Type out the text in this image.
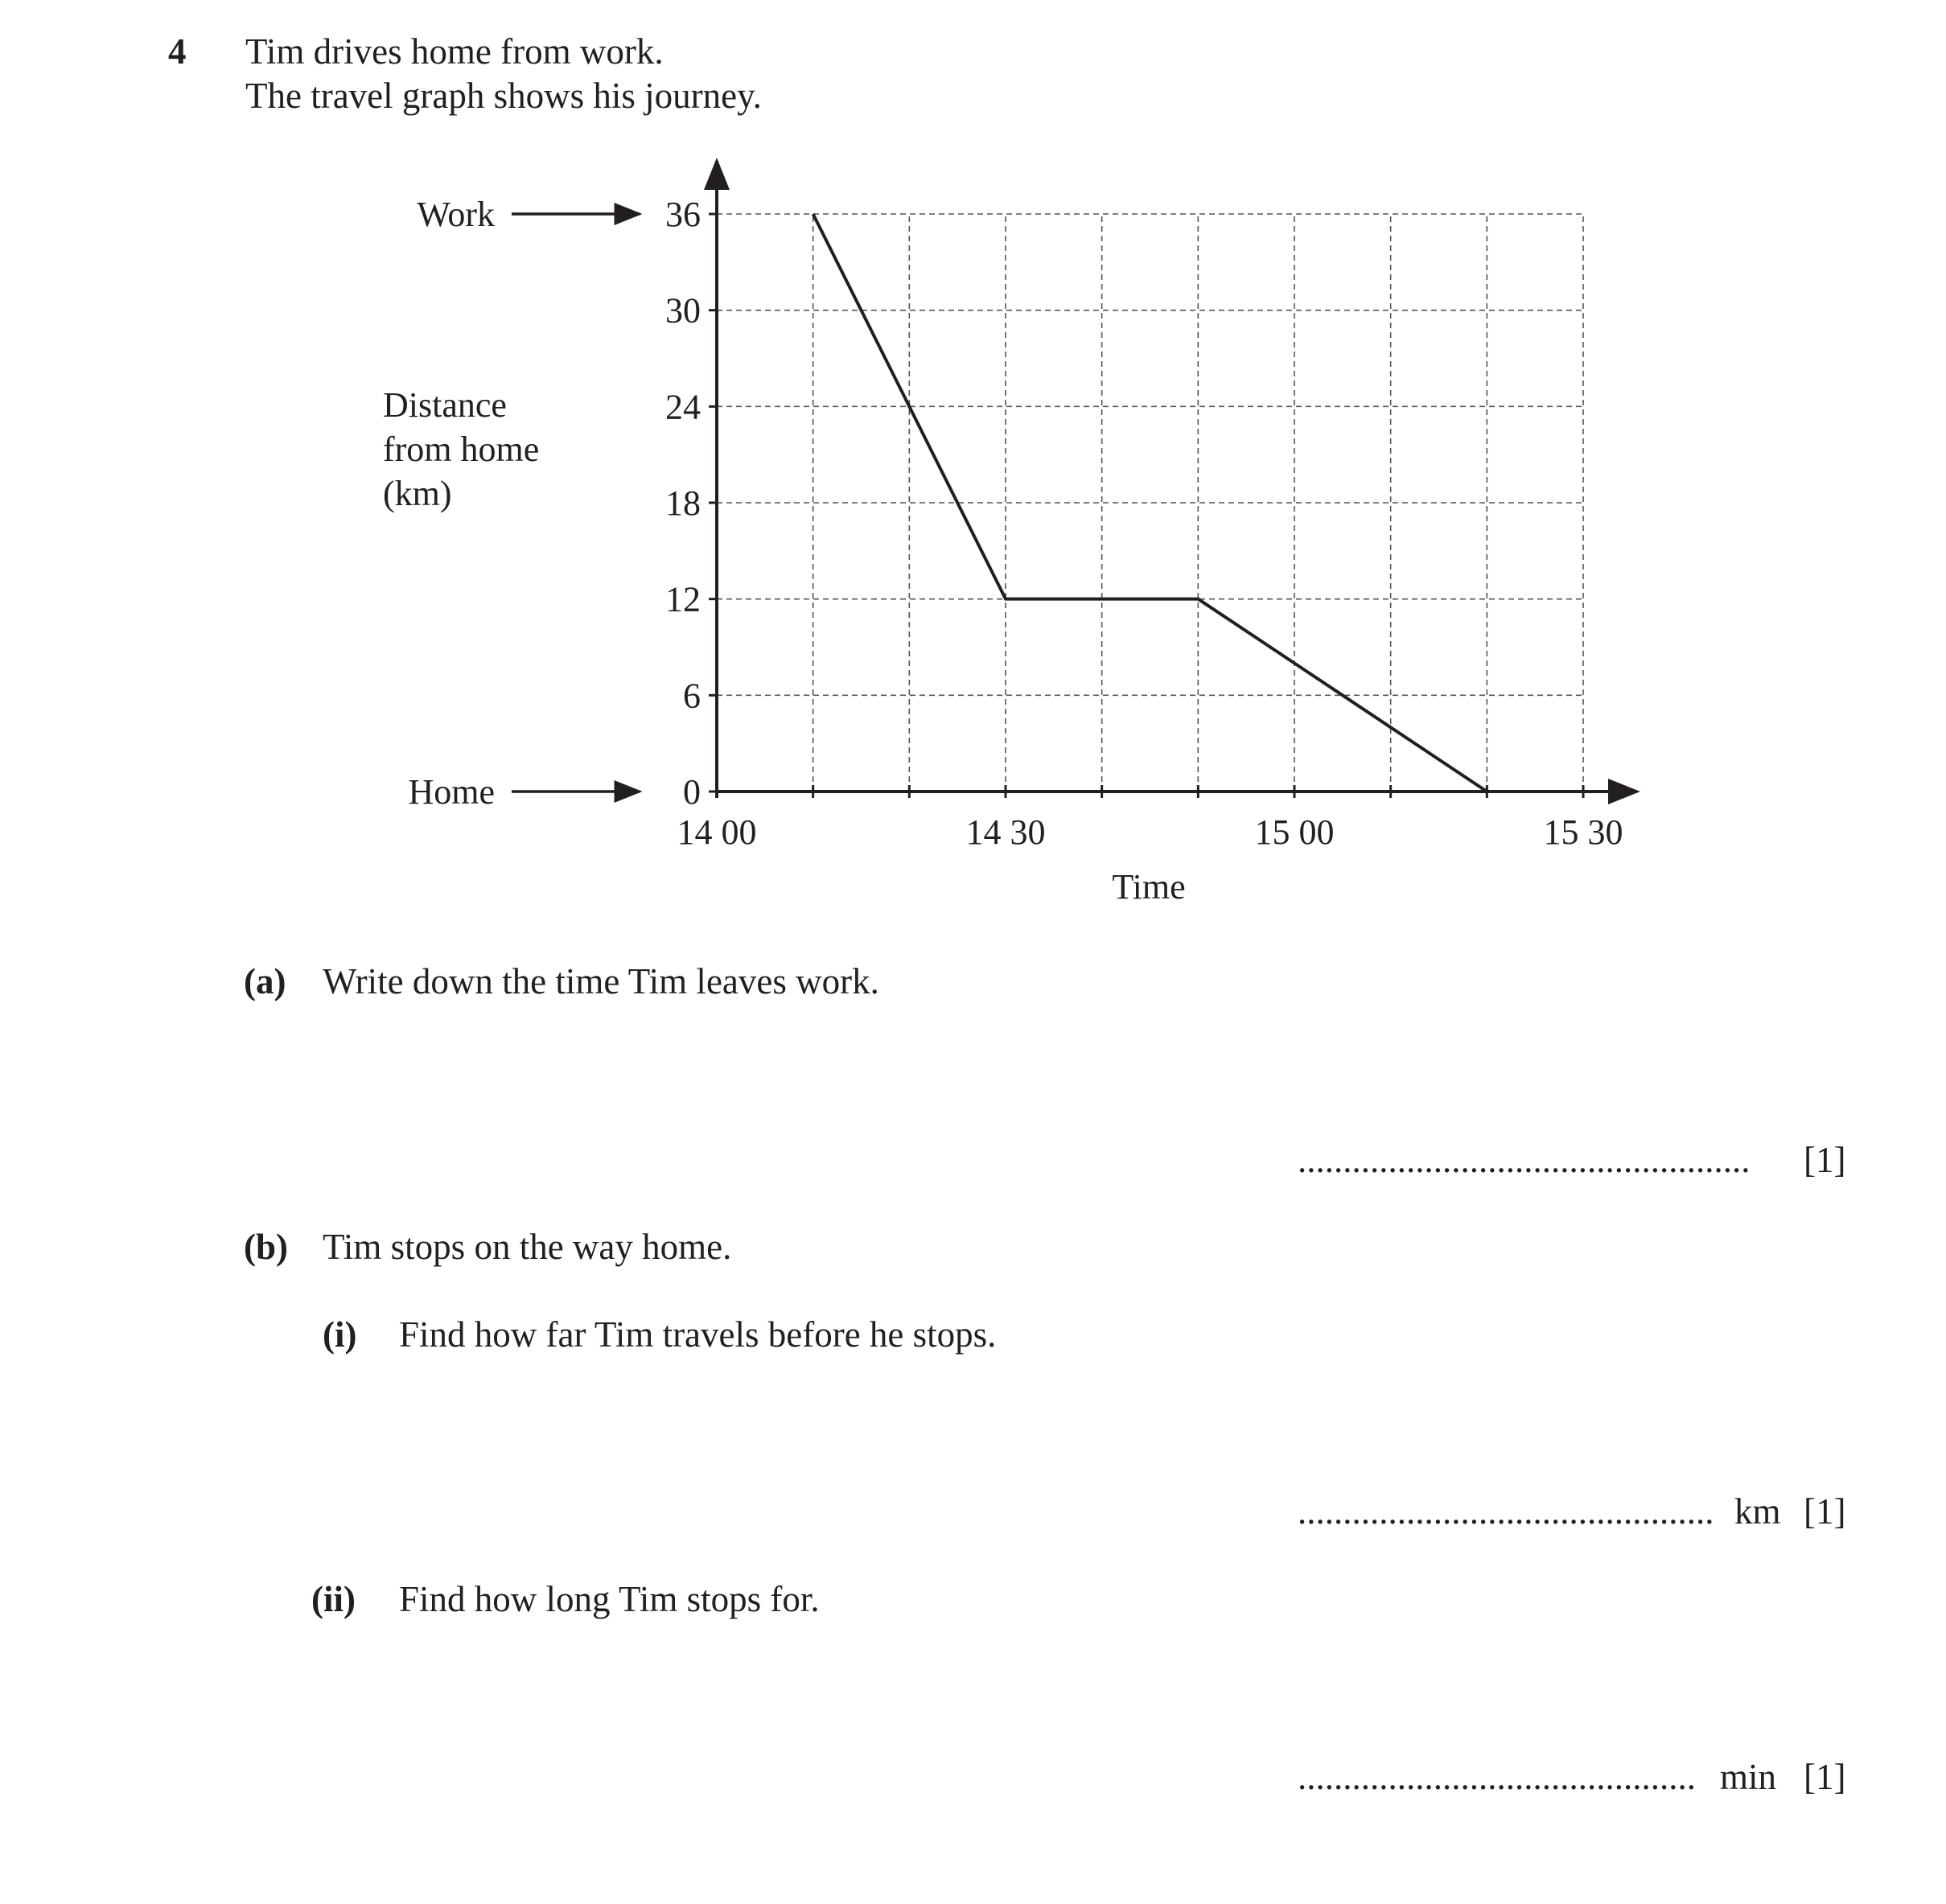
4 Tim drives home from work.
The travel graph shows his journey.
14 00	14 30	15 00	15 30
0
6
12
18
24
30
36
Time
Distance
from home
(km)
Work
Home
(a) Write down the time Tim leaves work.
.................................................. [1]
(b) Tim stops on the way home.
(i) Find how far Tim travels before he stops.
.............................................. km [1]
(ii) Find how long Tim stops for.
............................................ min [1]
